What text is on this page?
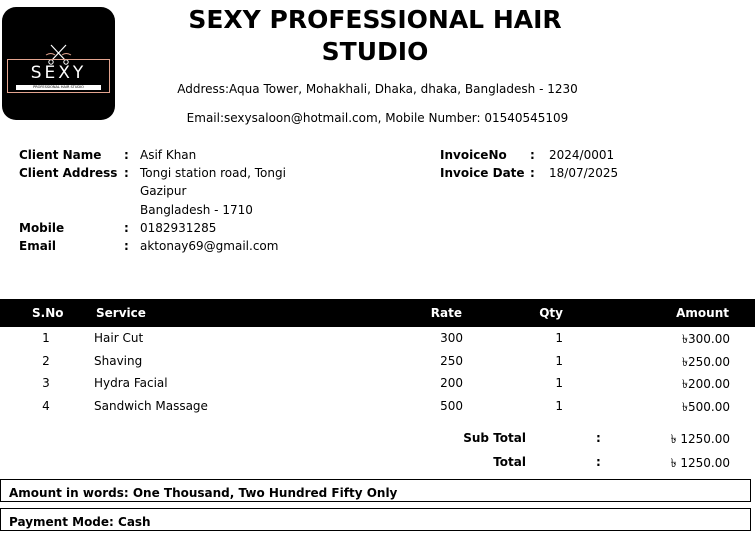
SEXY
PROFESSIONAL HAIR STUDIO
SEXY PROFESSIONAL HAIR
STUDIO
Address:Aqua Tower, Mohakhali, Dhaka, dhaka, Bangladesh - 1230
Email:sexysaloon@hotmail.com, Mobile Number: 01540545109
Client Name : Asif Khan
Client Address : Tongi station road, Tongi
Gazipur
Bangladesh - 1710
Mobile	: 0182931285
Email	: aktonay69@gmail.com
InvoiceNo : 2024/0001
Invoice Date : 18/07/2025
S.No	Service	Rate	Qty	Amount
1	Hair Cut	300	1	৳300.00
2	Shaving	250	1	৳250.00
3	Hydra Facial	200	1	৳200.00
4	Sandwich Massage	500	1	৳500.00
Sub Total	:	৳ 1250.00
Total	:	৳ 1250.00
Amount in words: One Thousand, Two Hundred Fifty Only
Payment Mode: Cash
